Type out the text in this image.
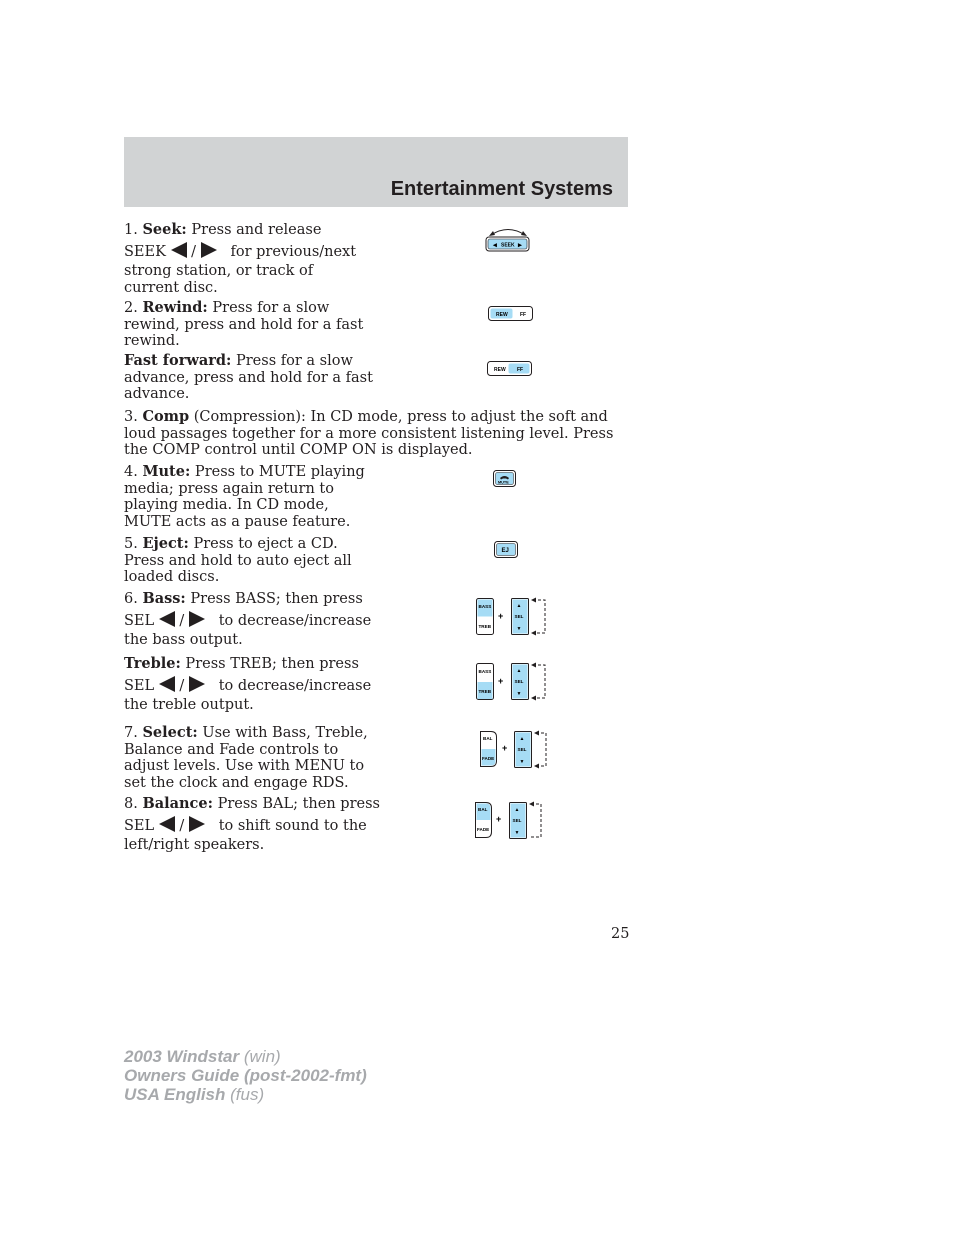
Entertainment Systems
1. Seek: Press and release
SEEK / for previous/next
strong station, or track of current disc.
◀ SEEK ▶
2. Rewind: Press for a slow rewind, press and hold for a fast rewind.
REW FF
Fast forward: Press for a slow advance, press and hold for a fast advance.
REW FF
3. Comp (Compression): In CD mode, press to adjust the soft and loud passages together for a more consistent listening level. Press the COMP control until COMP ON is displayed.
4. Mute: Press to MUTE playing media; press again return to playing media. In CD mode, MUTE acts as a pause feature.
MUTE
5. Eject: Press to eject a CD. Press and hold to auto eject all loaded discs.
EJ
6. Bass: Press BASS; then press
SEL / to decrease/increase
the bass output.
BASS
TREB
+
▲
SEL
▼
Treble: Press TREB; then press
SEL / to decrease/increase
the treble output.
BASS
TREB
+
▲
SEL
▼
7. Select: Use with Bass, Treble, Balance and Fade controls to adjust levels. Use with MENU to set the clock and engage RDS.
BAL
FADE
+
▲
SEL
▼
8. Balance: Press BAL; then press
SEL / to shift sound to the
left/right speakers.
BAL
FADE
+
▲
SEL
▼
25
2003 Windstar (win)
Owners Guide (post-2002-fmt)
USA English (fus)
